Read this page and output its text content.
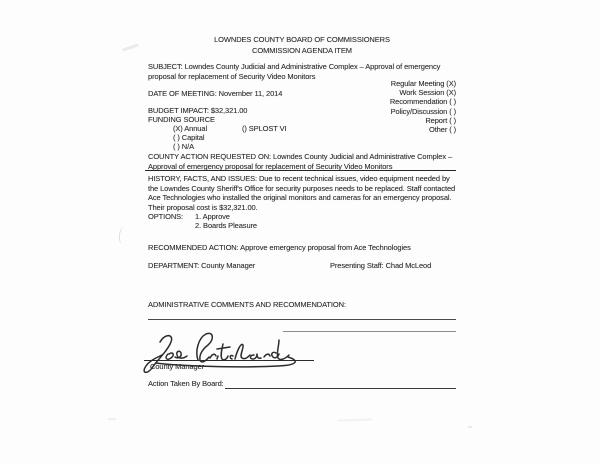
LOWNDES COUNTY BOARD OF COMMISSIONERS
COMMISSION AGENDA ITEM
SUBJECT: Lowndes County Judicial and Administrative Complex – Approval of emergency
proposal for replacement of Security Video Monitors
Regular Meeting (X)
Work Session (X)
Recommendation ( )
Policy/Discussion ( )
Report ( )
Other ( )
DATE OF MEETING: November 11, 2014
BUDGET IMPACT: $32,321.00
FUNDING SOURCE
(X) Annual	() SPLOST VI
( ) Capital
( ) N/A
COUNTY ACTION REQUESTED ON: Lowndes County Judicial and Administrative Complex –
Approval of emergency proposal for replacement of Security Video Monitors
HISTORY, FACTS, AND ISSUES: Due to recent technical issues, video equipment needed by the Lowndes County Sheriff's Office for security purposes needs to be replaced. Staff contacted Ace Technologies who installed the original monitors and cameras for an emergency proposal. Their proposal cost is $32,321.00.
OPTIONS: 1. Approve
2. Boards Pleasure
RECOMMENDED ACTION: Approve emergency proposal from Ace Technologies
DEPARTMENT: County Manager	Presenting Staff: Chad McLeod
ADMINISTRATIVE COMMENTS AND RECOMMENDATION:
County Manager
Action Taken By Board:
